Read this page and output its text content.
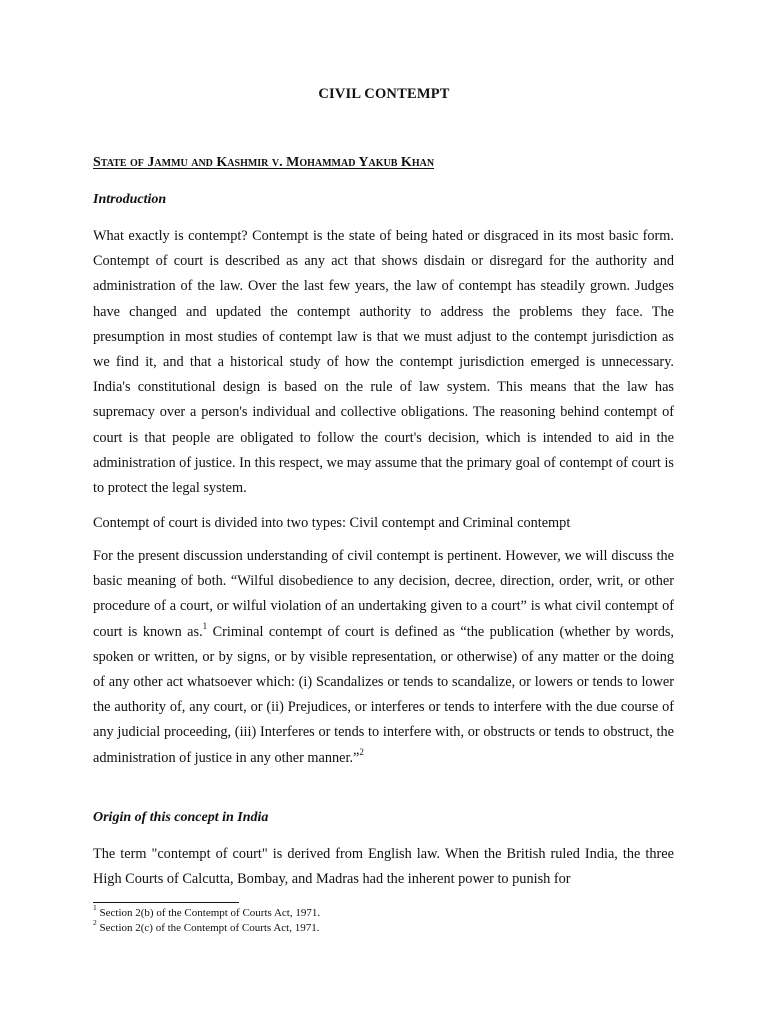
CIVIL CONTEMPT
State of Jammu and Kashmir v. Mohammad Yakub Khan
Introduction
What exactly is contempt? Contempt is the state of being hated or disgraced in its most basic form. Contempt of court is described as any act that shows disdain or disregard for the authority and administration of the law. Over the last few years, the law of contempt has steadily grown. Judges have changed and updated the contempt authority to address the problems they face. The presumption in most studies of contempt law is that we must adjust to the contempt jurisdiction as we find it, and that a historical study of how the contempt jurisdiction emerged is unnecessary. India's constitutional design is based on the rule of law system. This means that the law has supremacy over a person's individual and collective obligations. The reasoning behind contempt of court is that people are obligated to follow the court's decision, which is intended to aid in the administration of justice. In this respect, we may assume that the primary goal of contempt of court is to protect the legal system.
Contempt of court is divided into two types: Civil contempt and Criminal contempt
For the present discussion understanding of civil contempt is pertinent. However, we will discuss the basic meaning of both. “Wilful disobedience to any decision, decree, direction, order, writ, or other procedure of a court, or wilful violation of an undertaking given to a court” is what civil contempt of court is known as.$^1$ Criminal contempt of court is defined as “the publication (whether by words, spoken or written, or by signs, or by visible representation, or otherwise) of any matter or the doing of any other act whatsoever which: (i) Scandalizes or tends to scandalize, or lowers or tends to lower the authority of, any court, or (ii) Prejudices, or interferes or tends to interfere with the due course of any judicial proceeding, (iii) Interferes or tends to interfere with, or obstructs or tends to obstruct, the administration of justice in any other manner.”$^2$
Origin of this concept in India
The term "contempt of court" is derived from English law. When the British ruled India, the three High Courts of Calcutta, Bombay, and Madras had the inherent power to punish for
$^1$ Section 2(b) of the Contempt of Courts Act, 1971.
$^2$ Section 2(c) of the Contempt of Courts Act, 1971.
